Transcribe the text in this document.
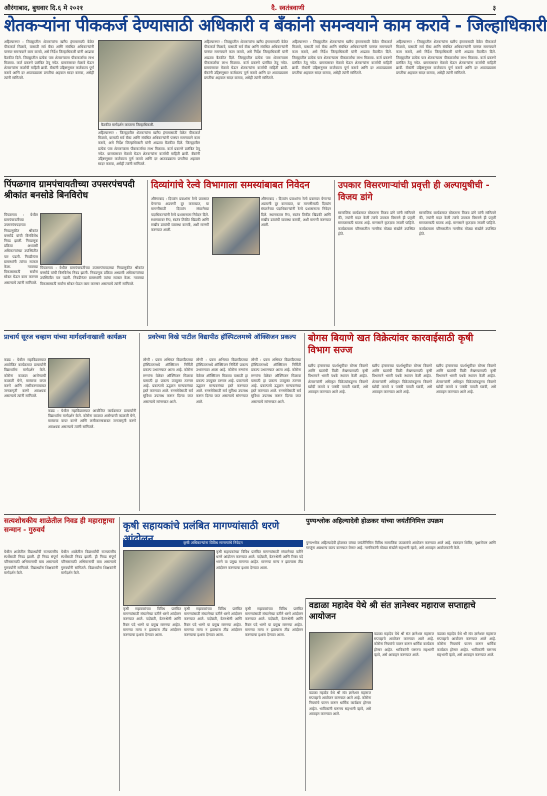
औरंगाबाद, बुधवार दि.६ मे २०२१	दै. स्वतंत्रवाणी	३
शेतकऱ्यांना पीककर्ज देण्यासाठी अधिकारी व बँकांनी समन्वयाने काम करावे - जिल्हाधिकारी
अहिल्यानगर : जिल्ह्यातील शेतकऱ्यांना खरीप हंगामासाठी वेळेत पीककर्ज मिळावे, यासाठी सर्व बँका आणि संबंधित अधिकाऱ्यांनी परस्पर समन्वयाने काम करावे, असे निर्देश जिल्हाधिकारी यांनी आढावा बैठकीत दिले. जिल्ह्यातील प्रत्येक पात्र शेतकऱ्याला पीककर्जाचा लाभ मिळावा. कर्ज प्रकरणे प्रलंबित ठेवू नयेत. ग्रामस्तरावर मेळावे घेऊन शेतकऱ्यांना कर्जाची माहिती द्यावी. बँकांनी उद्दिष्टानुसार कर्जवाटप पूर्ण करावे आणि दर आठवड्याला प्रगतीचा अहवाल सादर करावा, असेही त्यांनी सांगितले.
बैठकीत मार्गदर्शन करताना जिल्हाधिकारी.
अहिल्यानगर : जिल्ह्यातील शेतकऱ्यांना खरीप हंगामासाठी वेळेत पीककर्ज मिळावे, यासाठी सर्व बँका आणि संबंधित अधिकाऱ्यांनी परस्पर समन्वयाने काम करावे, असे निर्देश जिल्हाधिकारी यांनी आढावा बैठकीत दिले. जिल्ह्यातील प्रत्येक पात्र शेतकऱ्याला पीककर्जाचा लाभ मिळावा. कर्ज प्रकरणे प्रलंबित ठेवू नयेत. ग्रामस्तरावर मेळावे घेऊन शेतकऱ्यांना कर्जाची माहिती द्यावी. बँकांनी उद्दिष्टानुसार कर्जवाटप पूर्ण करावे आणि दर आठवड्याला प्रगतीचा अहवाल सादर करावा, असेही त्यांनी सांगितले.
अहिल्यानगर : जिल्ह्यातील शेतकऱ्यांना खरीप हंगामासाठी वेळेत पीककर्ज मिळावे, यासाठी सर्व बँका आणि संबंधित अधिकाऱ्यांनी परस्पर समन्वयाने काम करावे, असे निर्देश जिल्हाधिकारी यांनी आढावा बैठकीत दिले. जिल्ह्यातील प्रत्येक पात्र शेतकऱ्याला पीककर्जाचा लाभ मिळावा. कर्ज प्रकरणे प्रलंबित ठेवू नयेत. ग्रामस्तरावर मेळावे घेऊन शेतकऱ्यांना कर्जाची माहिती द्यावी. बँकांनी उद्दिष्टानुसार कर्जवाटप पूर्ण करावे आणि दर आठवड्याला प्रगतीचा अहवाल सादर करावा, असेही त्यांनी सांगितले.
अहिल्यानगर : जिल्ह्यातील शेतकऱ्यांना खरीप हंगामासाठी वेळेत पीककर्ज मिळावे, यासाठी सर्व बँका आणि संबंधित अधिकाऱ्यांनी परस्पर समन्वयाने काम करावे, असे निर्देश जिल्हाधिकारी यांनी आढावा बैठकीत दिले. जिल्ह्यातील प्रत्येक पात्र शेतकऱ्याला पीककर्जाचा लाभ मिळावा. कर्ज प्रकरणे प्रलंबित ठेवू नयेत. ग्रामस्तरावर मेळावे घेऊन शेतकऱ्यांना कर्जाची माहिती द्यावी. बँकांनी उद्दिष्टानुसार कर्जवाटप पूर्ण करावे आणि दर आठवड्याला प्रगतीचा अहवाल सादर करावा, असेही त्यांनी सांगितले.
अहिल्यानगर : जिल्ह्यातील शेतकऱ्यांना खरीप हंगामासाठी वेळेत पीककर्ज मिळावे, यासाठी सर्व बँका आणि संबंधित अधिकाऱ्यांनी परस्पर समन्वयाने काम करावे, असे निर्देश जिल्हाधिकारी यांनी आढावा बैठकीत दिले. जिल्ह्यातील प्रत्येक पात्र शेतकऱ्याला पीककर्जाचा लाभ मिळावा. कर्ज प्रकरणे प्रलंबित ठेवू नयेत. ग्रामस्तरावर मेळावे घेऊन शेतकऱ्यांना कर्जाची माहिती द्यावी. बँकांनी उद्दिष्टानुसार कर्जवाटप पूर्ण करावे आणि दर आठवड्याला प्रगतीचा अहवाल सादर करावा, असेही त्यांनी सांगितले.
पिंपळगाव ग्रामपंचायतीच्या उपसरपंचपदी श्रीकांत बनसोडे बिनविरोध
पिंपळगाव : येथील ग्रामपंचायतीच्या उपसरपंचपदाच्या निवडणुकीत श्रीकांत बनसोडे यांची बिनविरोध निवड झाली. निवडणूक प्रक्रिया अध्यासी अधिकाऱ्यांच्या उपस्थितीत पार पडली. निवडीनंतर ग्रामस्थांनी त्यांचा सत्कार केला. गावाच्या विकासासाठी सर्वांना सोबत घेऊन काम करणार असल्याचे त्यांनी सांगितले.
पिंपळगाव : येथील ग्रामपंचायतीच्या उपसरपंचपदाच्या निवडणुकीत श्रीकांत बनसोडे यांची बिनविरोध निवड झाली. निवडणूक प्रक्रिया अध्यासी अधिकाऱ्यांच्या उपस्थितीत पार पडली. निवडीनंतर ग्रामस्थांनी त्यांचा सत्कार केला. गावाच्या विकासासाठी सर्वांना सोबत घेऊन काम करणार असल्याचे त्यांनी सांगितले.
दिव्यांगांचे रेल्वे विभागाला समस्यांबाबत निवेदन
औरंगाबाद : दिव्यांग प्रवाशांना रेल्वे प्रवासात येणाऱ्या अडचणी दूर कराव्यात, या मागणीसाठी दिव्यांग संघटनेच्या पदाधिकाऱ्यांनी रेल्वे प्रशासनाला निवेदन दिले. स्थानकावर रॅम्प, स्वतंत्र तिकीट खिडकी आणि राखीव डब्यांची व्यवस्था करावी, अशी मागणी करण्यात आली.
औरंगाबाद : दिव्यांग प्रवाशांना रेल्वे प्रवासात येणाऱ्या अडचणी दूर कराव्यात, या मागणीसाठी दिव्यांग संघटनेच्या पदाधिकाऱ्यांनी रेल्वे प्रशासनाला निवेदन दिले. स्थानकावर रॅम्प, स्वतंत्र तिकीट खिडकी आणि राखीव डब्यांची व्यवस्था करावी, अशी मागणी करण्यात आली.
उपकार विसरणाऱ्यांची प्रवृत्ती ही अल्पायुषीची - विजय डांगे
सामाजिक कार्यक्रमात बोलताना विजय डांगे यांनी सांगितले की, ज्यांनी मदत केली त्यांचे उपकार विसरणे ही प्रवृत्ती समाजासाठी घातक आहे. माणसाने कृतज्ञता जपली पाहिजे. कार्यक्रमाला परिसरातील नागरिक मोठ्या संख्येने उपस्थित होते.
सामाजिक कार्यक्रमात बोलताना विजय डांगे यांनी सांगितले की, ज्यांनी मदत केली त्यांचे उपकार विसरणे ही प्रवृत्ती समाजासाठी घातक आहे. माणसाने कृतज्ञता जपली पाहिजे. कार्यक्रमाला परिसरातील नागरिक मोठ्या संख्येने उपस्थित होते.
प्राचार्य सूरज चव्हाण यांच्या मार्गदर्शनाखाली कार्यक्रम
कन्नड : येथील महाविद्यालयात आयोजित कार्यक्रमात प्राचार्यांनी विद्यार्थ्यांना मार्गदर्शन केले. कोरोना काळात आरोग्याची काळजी घेणे, मास्कचा वापर करणे आणि लसीकरणाबाबत जनजागृती करणे आवश्यक असल्याचे त्यांनी सांगितले.
कन्नड : येथील महाविद्यालयात आयोजित कार्यक्रमात प्राचार्यांनी विद्यार्थ्यांना मार्गदर्शन केले. कोरोना काळात आरोग्याची काळजी घेणे, मास्कचा वापर करणे आणि लसीकरणाबाबत जनजागृती करणे आवश्यक असल्याचे त्यांनी सांगितले.
प्रवरेच्या विखे पाटील विद्यापीठ हॉस्पिटलमध्ये ऑक्सिजन प्रकल्प
लोणी : प्रवरा अभिमत विद्यापीठाच्या हॉस्पिटलमध्ये ऑक्सिजन निर्मिती प्रकल्प उभारण्यात आला आहे. कोरोना रुग्णांना वेळेवर ऑक्सिजन मिळावा यासाठी हा प्रकल्प उपयुक्त ठरणार आहे. प्रकल्पाचे उद्घाटन मान्यवरांच्या हस्ते करण्यात आले. रुग्णसेवेसाठी सर्व सुविधा उपलब्ध करून दिल्या जात असल्याचे सांगण्यात आले.
लोणी : प्रवरा अभिमत विद्यापीठाच्या हॉस्पिटलमध्ये ऑक्सिजन निर्मिती प्रकल्प उभारण्यात आला आहे. कोरोना रुग्णांना वेळेवर ऑक्सिजन मिळावा यासाठी हा प्रकल्प उपयुक्त ठरणार आहे. प्रकल्पाचे उद्घाटन मान्यवरांच्या हस्ते करण्यात आले. रुग्णसेवेसाठी सर्व सुविधा उपलब्ध करून दिल्या जात असल्याचे सांगण्यात आले.
लोणी : प्रवरा अभिमत विद्यापीठाच्या हॉस्पिटलमध्ये ऑक्सिजन निर्मिती प्रकल्प उभारण्यात आला आहे. कोरोना रुग्णांना वेळेवर ऑक्सिजन मिळावा यासाठी हा प्रकल्प उपयुक्त ठरणार आहे. प्रकल्पाचे उद्घाटन मान्यवरांच्या हस्ते करण्यात आले. रुग्णसेवेसाठी सर्व सुविधा उपलब्ध करून दिल्या जात असल्याचे सांगण्यात आले.
बोगस बियाणे खत विक्रेत्यांवर कारवाईसाठी कृषी विभाग सज्ज
खरीप हंगामाच्या पार्श्वभूमीवर बोगस बियाणे आणि खतांची विक्री रोखण्यासाठी कृषी विभागाने भरारी पथके स्थापन केली आहेत. शेतकऱ्यांनी अधिकृत विक्रेत्यांकडूनच बियाणे खरेदी करावे व पक्की पावती घ्यावी, असे आवाहन करण्यात आले आहे.
खरीप हंगामाच्या पार्श्वभूमीवर बोगस बियाणे आणि खतांची विक्री रोखण्यासाठी कृषी विभागाने भरारी पथके स्थापन केली आहेत. शेतकऱ्यांनी अधिकृत विक्रेत्यांकडूनच बियाणे खरेदी करावे व पक्की पावती घ्यावी, असे आवाहन करण्यात आले आहे.
खरीप हंगामाच्या पार्श्वभूमीवर बोगस बियाणे आणि खतांची विक्री रोखण्यासाठी कृषी विभागाने भरारी पथके स्थापन केली आहेत. शेतकऱ्यांनी अधिकृत विक्रेत्यांकडूनच बियाणे खरेदी करावे व पक्की पावती घ्यावी, असे आवाहन करण्यात आले आहे.
पुण्यश्लोक अहिल्यादेवी होळकर यांच्या जयंतीनिमित्त उपक्रम
पुण्यश्लोक अहिल्यादेवी होळकर यांच्या जयंतीनिमित्त विविध सामाजिक उपक्रमांचे आयोजन करण्यात आले आहे. रक्तदान शिबिर, वृक्षारोपण आणि गरजूंना अन्नधान्य वाटप करण्यात येणार आहे. नागरिकांनी मोठ्या संख्येने सहभागी व्हावे, असे आवाहन आयोजकांनी केले.
सत्यशोधकीय शाळेतील निवड ही महाराष्ट्राचा सन्मान - गुरुवर्य
येथील शाळेतील विद्यार्थ्यांची राज्यस्तरीय स्पर्धेसाठी निवड झाली. ही निवड संपूर्ण परिसरासाठी अभिमानाची बाब असल्याचे गुरुवर्यांनी सांगितले. विद्यार्थ्यांना शिक्षकांनी मार्गदर्शन केले.
येथील शाळेतील विद्यार्थ्यांची राज्यस्तरीय स्पर्धेसाठी निवड झाली. ही निवड संपूर्ण परिसरासाठी अभिमानाची बाब असल्याचे गुरुवर्यांनी सांगितले. विद्यार्थ्यांना शिक्षकांनी मार्गदर्शन केले.
कृषी सहायकांचे प्रलंबित मागण्यांसाठी धरणे
कृषी अधिकाऱ्यांना विविध मागण्यांचे निवेदन
कृषी सहायकांच्या विविध प्रलंबित मागण्यांसाठी संघटनेच्या वतीने धरणे आंदोलन करण्यात आले. पदोन्नती, वेतनश्रेणी आणि रिक्त पदे भरणे या प्रमुख मागण्या आहेत. मागण्या मान्य न झाल्यास तीव्र आंदोलन करण्याचा इशारा देण्यात आला.
कृषी सहायकांच्या विविध प्रलंबित मागण्यांसाठी संघटनेच्या वतीने धरणे आंदोलन करण्यात आले. पदोन्नती, वेतनश्रेणी आणि रिक्त पदे भरणे या प्रमुख मागण्या आहेत. मागण्या मान्य न झाल्यास तीव्र आंदोलन करण्याचा इशारा देण्यात आला.
कृषी सहायकांच्या विविध प्रलंबित मागण्यांसाठी संघटनेच्या वतीने धरणे आंदोलन करण्यात आले. पदोन्नती, वेतनश्रेणी आणि रिक्त पदे भरणे या प्रमुख मागण्या आहेत. मागण्या मान्य न झाल्यास तीव्र आंदोलन करण्याचा इशारा देण्यात आला.
कृषी सहायकांच्या विविध प्रलंबित मागण्यांसाठी संघटनेच्या वतीने धरणे आंदोलन करण्यात आले. पदोन्नती, वेतनश्रेणी आणि रिक्त पदे भरणे या प्रमुख मागण्या आहेत. मागण्या मान्य न झाल्यास तीव्र आंदोलन करण्याचा इशारा देण्यात आला.
वडाळा महादेव येथे श्री संत ज्ञानेश्वर महाराज सप्ताहाचे आयोजन
वडाळा महादेव येथे श्री संत ज्ञानेश्वर महाराज सप्ताहाचे आयोजन करण्यात आले आहे. कोरोना नियमांचे पालन करून धार्मिक कार्यक्रम होणार आहेत. भाविकांनी घरूनच सहभागी व्हावे, असे आवाहन करण्यात आले.
वडाळा महादेव येथे श्री संत ज्ञानेश्वर महाराज सप्ताहाचे आयोजन करण्यात आले आहे. कोरोना नियमांचे पालन करून धार्मिक कार्यक्रम होणार आहेत. भाविकांनी घरूनच सहभागी व्हावे, असे आवाहन करण्यात आले.
वडाळा महादेव येथे श्री संत ज्ञानेश्वर महाराज सप्ताहाचे आयोजन करण्यात आले आहे. कोरोना नियमांचे पालन करून धार्मिक कार्यक्रम होणार आहेत. भाविकांनी घरूनच सहभागी व्हावे, असे आवाहन करण्यात आले.
